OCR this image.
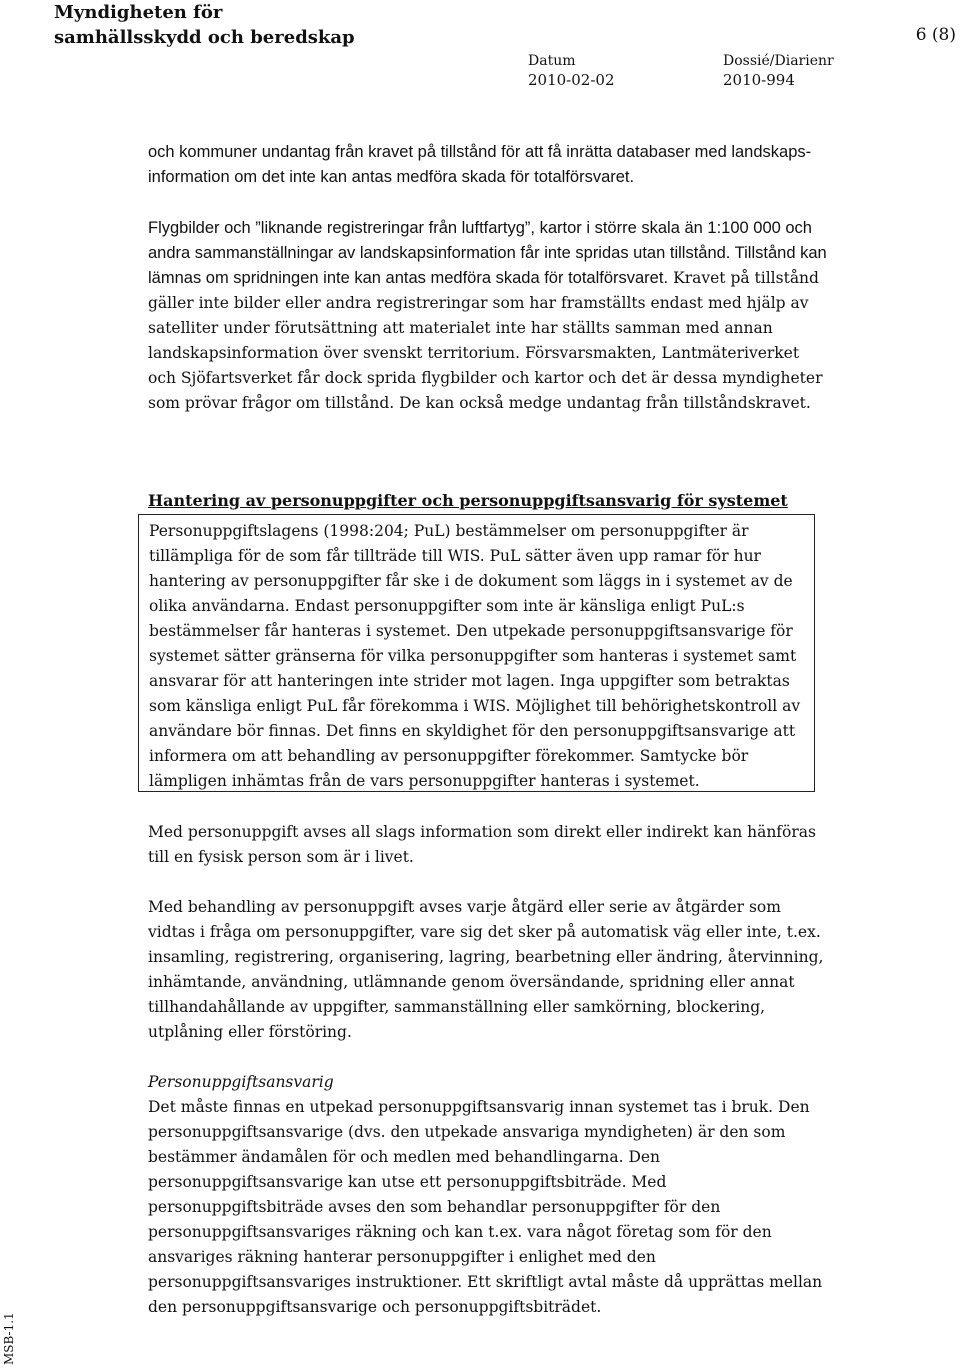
Myndigheten för
samhällsskydd och beredskap	6 (8)
Datum
2010-02-02
Dossié/Diarienr
2010-994

och kommuner undantag från kravet på tillstånd för att få inrätta databaser med landskaps-information om det inte kan antas medföra skada för totalförsvaret.

Flygbilder och ”liknande registreringar från luftfartyg”, kartor i större skala än 1:100 000 och andra sammanställningar av landskapsinformation får inte spridas utan tillstånd. Tillstånd kan lämnas om spridningen inte kan antas medföra skada för totalförsvaret. Kravet på tillstånd gäller inte bilder eller andra registreringar som har framställts endast med hjälp av satelliter under förutsättning att materialet inte har ställts samman med annan landskapsinformation över svenskt territorium. Försvarsmakten, Lantmäteriverket och Sjöfartsverket får dock sprida flygbilder och kartor och det är dessa myndigheter som prövar frågor om tillstånd. De kan också medge undantag från tillståndskravet.
Hantering av personuppgifter och personuppgiftsansvarig för systemet

Personuppgiftslagens (1998:204; PuL) bestämmelser om personuppgifter är tillämpliga för de som får tillträde till WIS. PuL sätter även upp ramar för hur hantering av personuppgifter får ske i de dokument som läggs in i systemet av de olika användarna. Endast personuppgifter som inte är känsliga enligt PuL:s bestämmelser får hanteras i systemet. Den utpekade personuppgiftsansvarige för systemet sätter gränserna för vilka personuppgifter som hanteras i systemet samt ansvarar för att hanteringen inte strider mot lagen. Inga uppgifter som betraktas som känsliga enligt PuL får förekomma i WIS. Möjlighet till behörighetskontroll av användare bör finnas. Det finns en skyldighet för den personuppgiftsansvarige att informera om att behandling av personuppgifter förekommer. Samtycke bör lämpligen inhämtas från de vars personuppgifter hanteras i systemet.

Med personuppgift avses all slags information som direkt eller indirekt kan hänföras till en fysisk person som är i livet.

Med behandling av personuppgift avses varje åtgärd eller serie av åtgärder som vidtas i fråga om personuppgifter, vare sig det sker på automatisk väg eller inte, t.ex. insamling, registrering, organisering, lagring, bearbetning eller ändring, återvinning, inhämtande, användning, utlämnande genom översändande, spridning eller annat tillhandahållande av uppgifter, sammanställning eller samkörning, blockering, utplåning eller förstöring.

Personuppgiftsansvarig

Det måste finnas en utpekad personuppgiftsansvarig innan systemet tas i bruk. Den personuppgiftsansvarige (dvs. den utpekade ansvariga myndigheten) är den som bestämmer ändamålen för och medlen med behandlingarna. Den personuppgiftsansvarige kan utse ett personuppgiftsbiträde. Med personuppgiftsbiträde avses den som behandlar personuppgifter för den personuppgiftsansvariges räkning och kan t.ex. vara något företag som för den ansvariges räkning hanterar personuppgifter i enlighet med den personuppgiftsansvariges instruktioner. Ett skriftligt avtal måste då upprättas mellan den personuppgiftsansvarige och personuppgiftsbiträdet.

MSB-1.1
